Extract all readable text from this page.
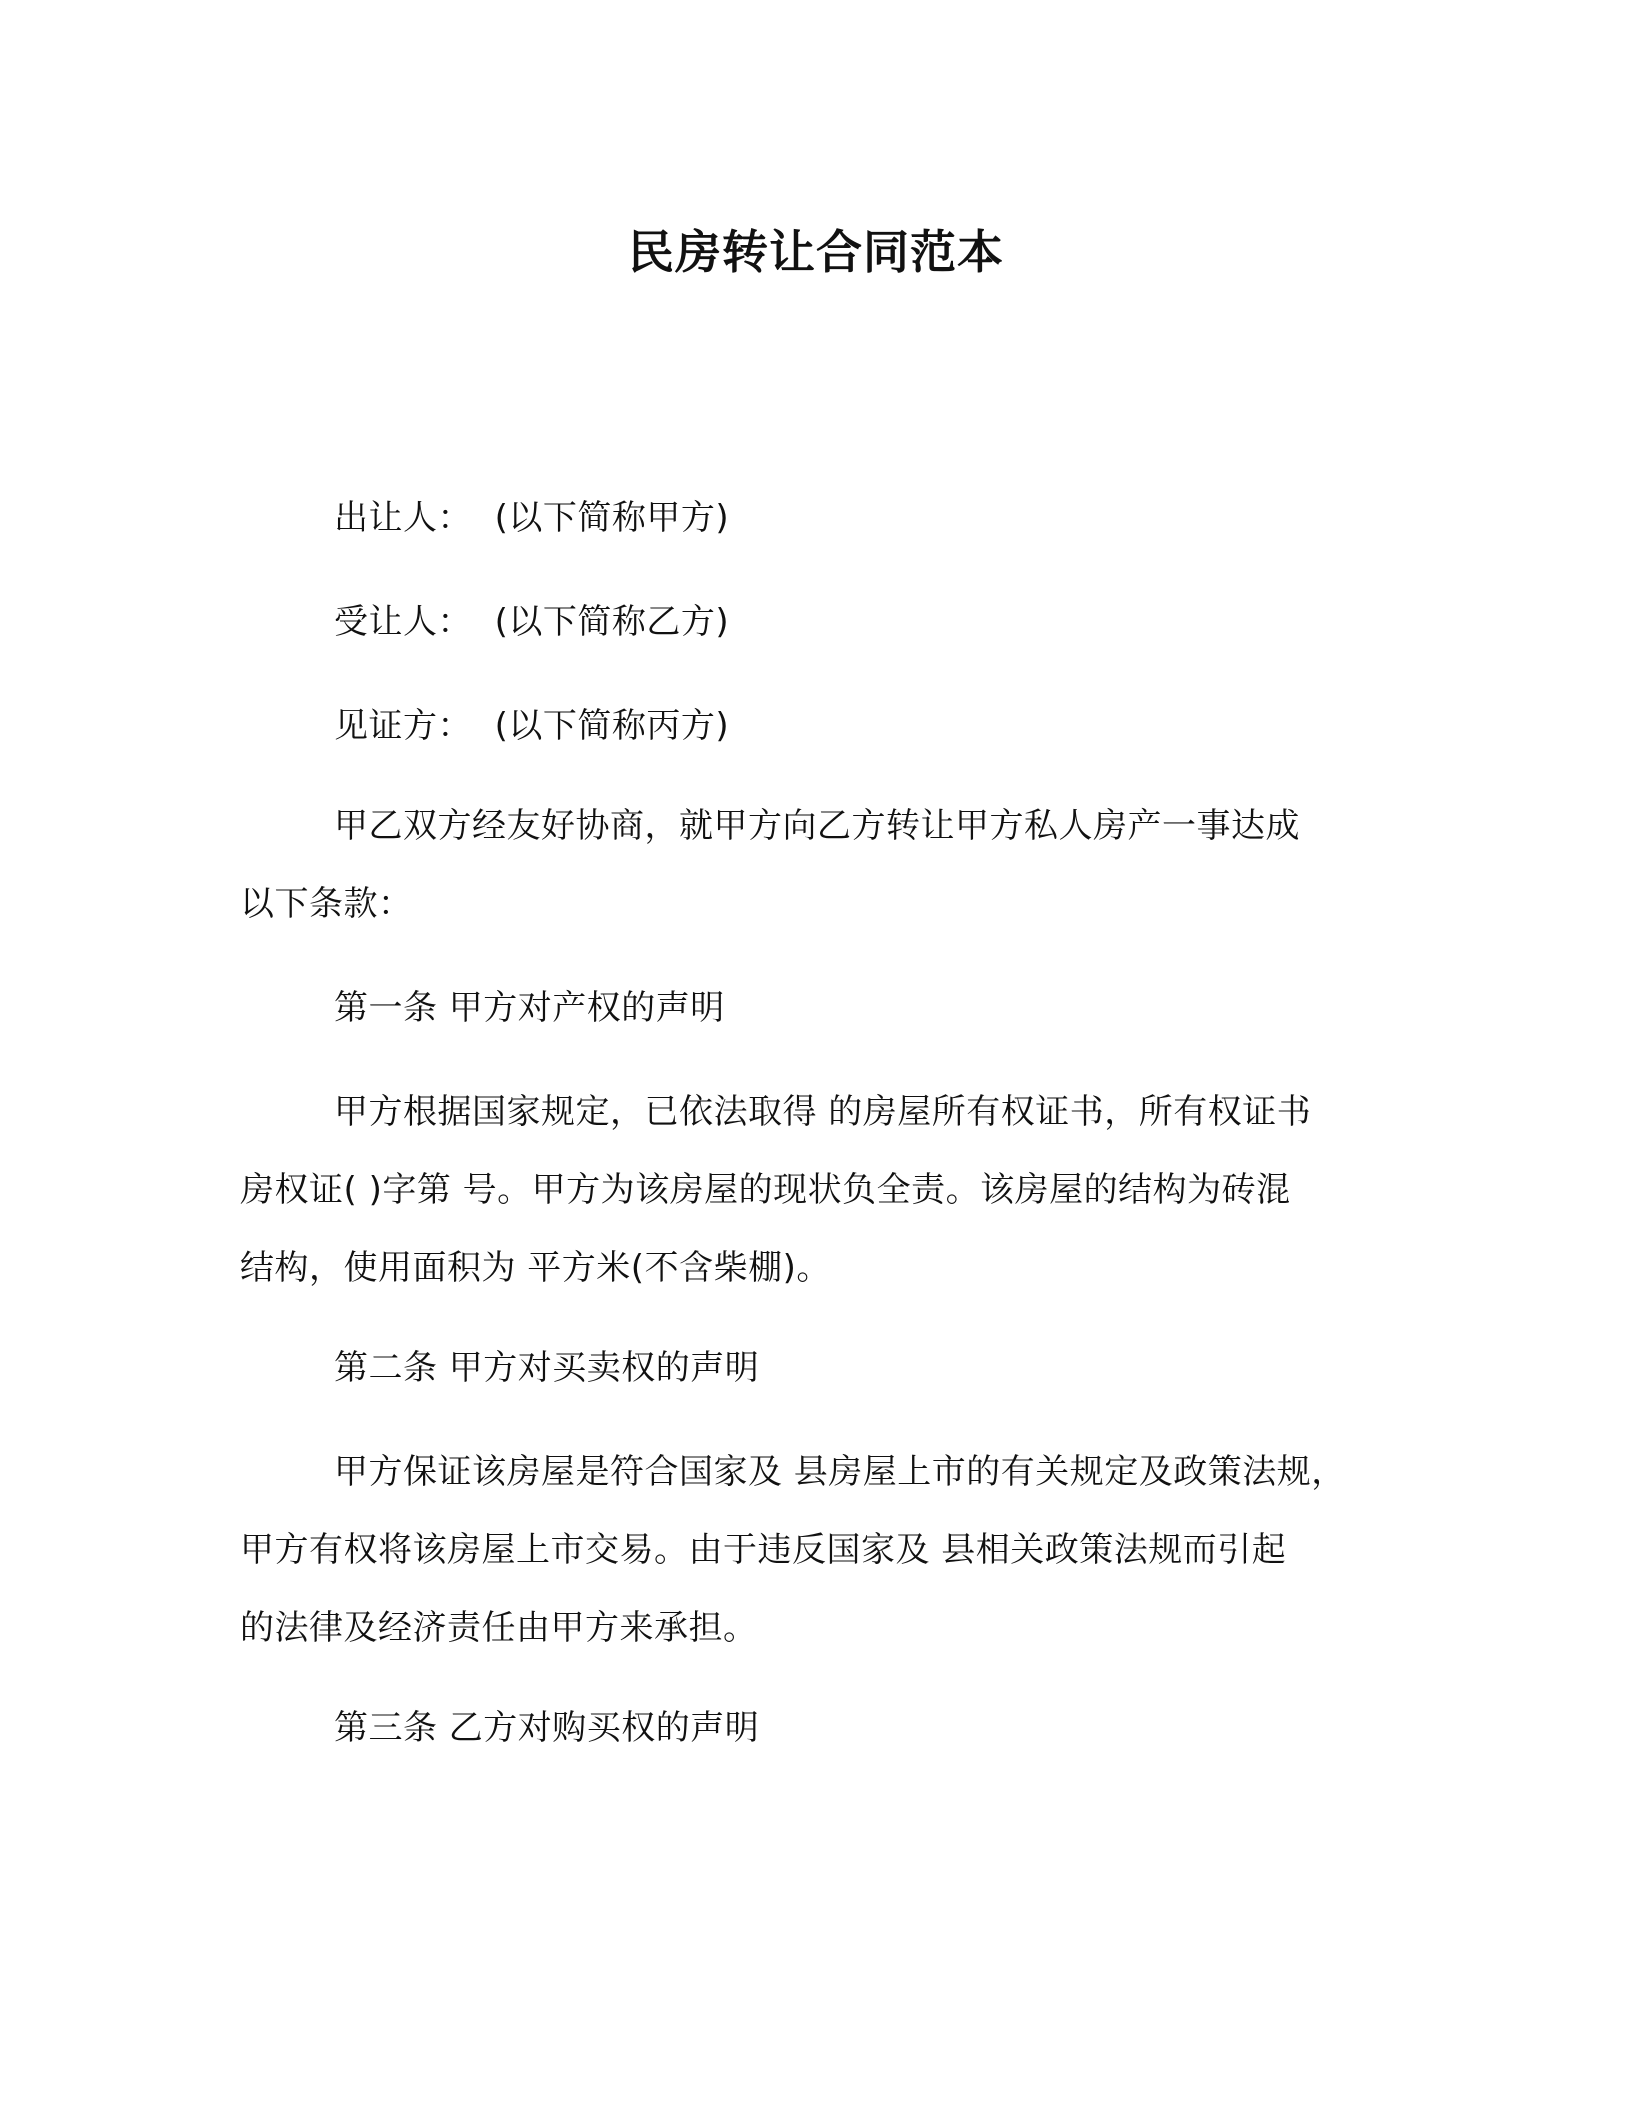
民房转让合同范本
出让人：  (以下简称甲方)
受让人：  (以下简称乙方)
见证方：  (以下简称丙方)
甲乙双方经友好协商，就甲方向乙方转让甲方私人房产一事达成
以下条款：
第一条 甲方对产权的声明
甲方根据国家规定，已依法取得 的房屋所有权证书，所有权证书
房权证( )字第 号。甲方为该房屋的现状负全责。该房屋的结构为砖混
结构，使用面积为 平方米(不含柴棚)。
第二条 甲方对买卖权的声明
甲方保证该房屋是符合国家及 县房屋上市的有关规定及政策法规，
甲方有权将该房屋上市交易。由于违反国家及 县相关政策法规而引起
的法律及经济责任由甲方来承担。
第三条 乙方对购买权的声明
